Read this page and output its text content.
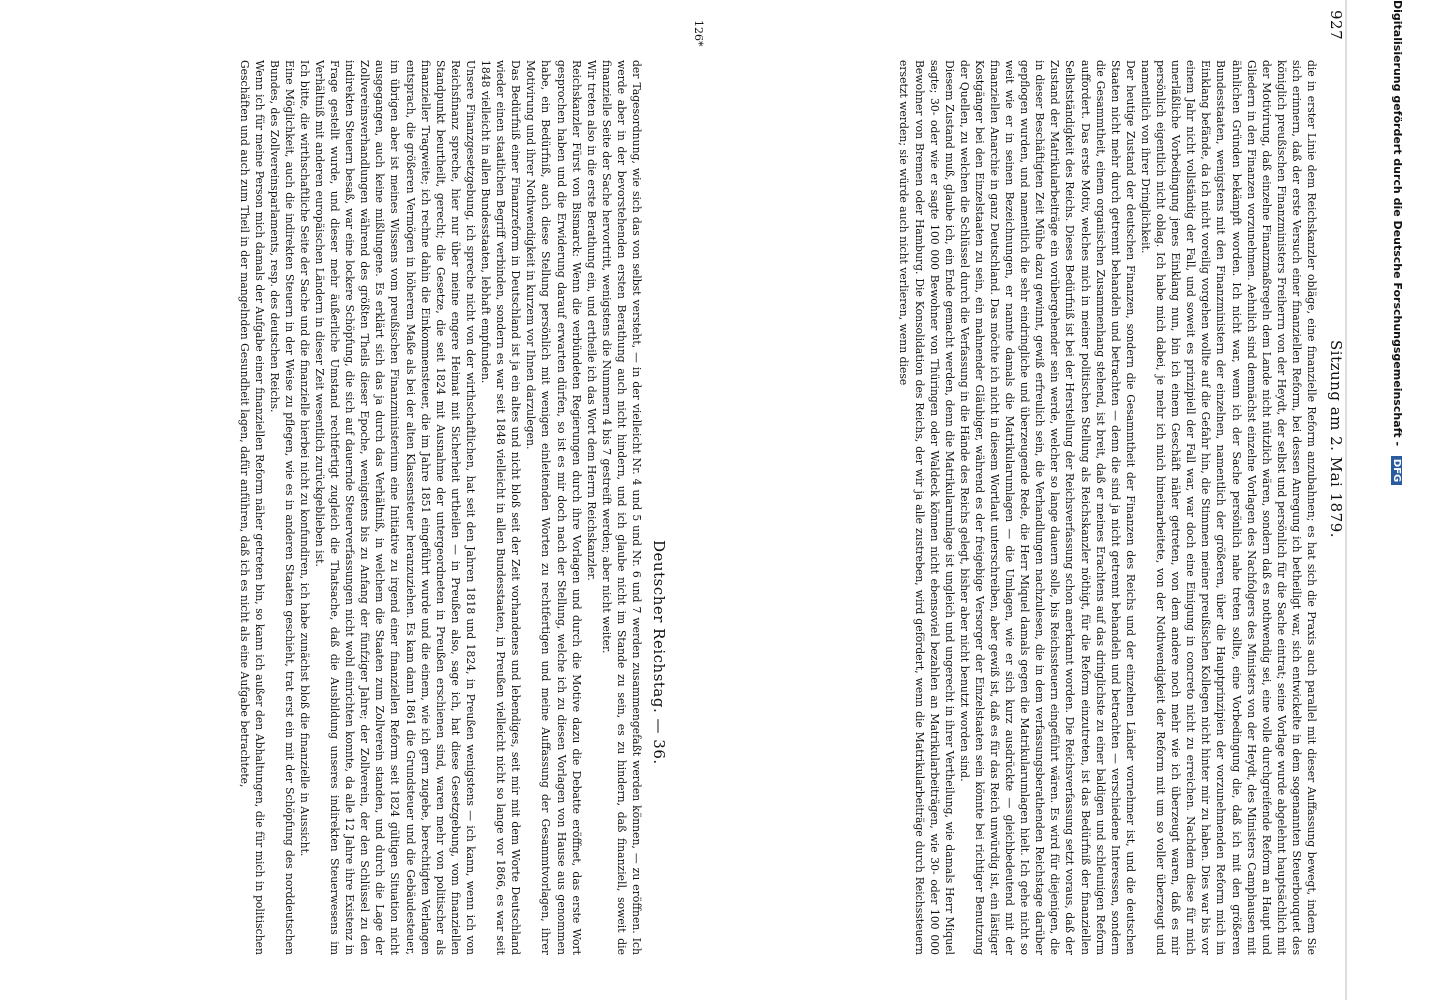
Deutscher Reichstag. — 36.

der Tagesordnung, wie sich das von selbst versteht, — in der vielleicht Nr. 4 und 5 und Nr. 6 und 7 werden zusammengefaßt werden können, — zu eröffnen. Ich werde aber in der bevorstehenden ersten Berathung auch nicht hindern, und ich glaube nicht im Stande zu sein, es zu hindern, daß finanziell, soweit die finanzielle Seite der Sache hervortritt, wenigstens die Nummern 4 bis 7 gestreift werden; aber nicht weiter.

Wir treten also in die erste Berathung ein, und ertheile ich das Wort dem Herrn Reichskanzler.

Reichskanzler Fürst von Bismarck: Wenn die verbündeten Regierungen durch ihre Vorlagen und durch die Motive dazu die Debatte eröffnet, das erste Wort gesprochen haben und die Erwiderung darauf erwarten dürfen, so ist es mir doch nach der Stellung, welche ich zu diesen Vorlagen von Hause aus genommen habe, ein Bedürfniß, auch diese Stellung persönlich mit wenigen einleitenden Worten zu rechtfertigen und meine Auffassung der Gesammtvorlagen, ihrer Motivirung und ihrer Nothwendigkeit in kurzem vor Ihnen darzulegen.

Das Bedürfniß einer Finanzreform in Deutschland ist ja ein altes und nicht bloß seit der Zeit vorhandenes und lebendiges, seit mir mit dem Worte Deutschland wieder einen staatlichen Begriff verbinden, sondern es war seit 1848 vielleicht in allen Bundesstaaten, in Preußen vielleicht nicht so lange vor 1866, es war seit 1848 vielleicht in allen Bundesstaaten, lebhaft empfunden.

Unsere Finanzgesetzgebung, ich spreche nicht von der wirthschaftlichen, hat seit den Jahren 1818 und 1824, in Preußen wenigstens — ich kann, wenn ich von Reichsfinanz spreche, hier nur über meine engere Heimat mit Sicherheit urtheilen — in Preußen also, sage ich, hat diese Gesetzgebung, vom finanziellen Standpunkt beurtheilt, gerecht; die Gesetze, die seit 1824 mit Ausnahme der untergeordneten in Preußen erschienen sind, waren mehr von politischer als finanzieller Tragweite; ich rechne dahin die Einkommensteuer, die im Jahre 1851 eingeführt wurde und die einem, wie ich gern zugebe, berechtigten Verlangen entsprach, die größeren Vermögen in höherem Maße als bei der alten Klassensteuer heranzuziehen. Es kam dann 1861 die Grundsteuer und die Gebäudesteuer, im übrigen aber ist meines Wissens vom preußischen Finanzministerium eine Initiative zu irgend einer finanziellen Reform seit 1824 gültigen Situation nicht ausgegangen, auch keine mißlungene. Es erklärt sich das ja durch das Verhältniß, in welchem die Staaten zum Zollverein standen, und durch die Lage der Zollvereinsverhandlungen während des größten Theils dieser Epoche, wenigstens bis zu Anfang der fünfziger Jahre; der Zollverein, der den Schlüssel zu den indirekten Steuern besaß, war eine lockere Schöpfung, die sich auf dauernde Steuerverfassungen nicht wohl einrichten konnte, da alle 12 Jahre ihre Existenz in Frage gestellt wurde, und dieser mehr äußerliche Umstand rechtfertigt zugleich die Thatsache, daß die Ausbildung unseres indirekten Steuerwesens im Verhältniß mit anderen europäischen Ländern in dieser Zeit wesentlich zurückgeblieben ist.

Ich bitte, die wirthschaftliche Seite der Sache und die finanzielle hierbei nicht zu konfundiren, ich habe zunächst bloß die finanzielle in Aussicht.

Eine Möglichkeit, auch die indirekten Steuern in der Weise zu pflegen, wie es in anderen Staaten geschieht, trat erst ein mit der Schöpfung des norddeutschen Bundes, des Zollvereinsparlaments, resp. des deutschen Reichs.

Wenn ich für meine Person mich damals der Aufgabe einer finanziellen Reform näher getreten bin, so kann ich außer den Abhaltungen, die für mich in politischen Geschäften und auch zum Theil in der mangelnden Gesundheit lagen, dafür anführen, daß ich es nicht als eine Aufgabe betrachtete,	Sitzung am 2. Mai 1879.
927

die in erster Linie dem Reichskanzler obläge, eine finanzielle Reform anzubahnen; es hat sich die Praxis auch parallel mit dieser Auffassung bewegt, indem Sie sich erinnern, daß der erste Versuch einer finanziellen Reform, bei dessen Anregung ich betheiligt war, sich entwickelte in dem sogenannten Steuerbouquet des königlich preußischen Finanzministers Freiherrn von der Heydt, der selbst und persönlich für die Sache eintrat; seine Vorlage wurde abgelehnt hauptsächlich mit der Motivirung, daß einzelne Finanzmaßregeln dem Lande nicht nützlich wären, sondern daß es nothwendig sei, eine volle durchgreifende Reform an Haupt und Gliedern in den Finanzen vorzunehmen. Aehnlich sind demnächst einzelne Vorlagen des Nachfolgers des Ministers von der Heydt, des Ministers Camphausen mit ähnlichen Gründen bekämpft worden. Ich nicht war, wenn ich der Sache persönlich nahe treten sollte, eine Vorbedingung die, daß ich mit den größeren Bundesstaaten, wenigstens mit den Finanzministern der einzelnen, namentlich der größeren, über die Hauptprinzipien der vorzunehmenden Reform mich im Einklang befände, da ich nicht voreilig vorgehen wollte auf die Gefahr hin, die Stimmen meiner preußischen Kollegen nicht hinter mir zu haben. Dies war bis vor einem Jahr nicht vollständig der Fall, und soweit es prinzipiell der Fall war, war doch eine Einigung in concreto nicht zu erreichen. Nachdem diese für mich unerläßliche Vorbedingung jenes Einklang nun, bin ich einem Geschäft näher getreten, von dem andere noch mehr wie ich überzeugt waren, daß es mir persönlich eigentlich nicht oblag. Ich habe mich dabei, je mehr ich mich hineinarbeitete, von der Nothwendigkeit der Reform mit um so voller überzeugt und namentlich von ihrer Dringlichkeit.

Der heutige Zustand der deutschen Finanzen, sondern die Gesammtheit der Finanzen des Reichs und der einzelnen Länder vornehmer ist, und die deutschen Staaten nicht mehr durch getrennt behandeln und betrachten — denn die sind ja nicht getrennt behandeln und betrachten — verschiedene Interessen, sondern die Gesammtheit, einem organischen Zusammenhang stehend, ist breit, daß er meines Erachtens auf das dringlichste zu einer baldigen und schleunigen Reform auffordert. Das erste Motiv, welches mich in meiner politischen Stellung als Reichskanzler nöthigt, für die Reform einzutreten, ist das Bedürfniß der finanziellen Selbstständigkeit des Reichs. Dieses Bedürfniß ist bei der Herstellung der Reichsverfassung schon anerkannt worden. Die Reichsverfassung setzt voraus, daß der Zustand der Matrikularbeiträge ein vorübergehender sein werde, welcher so lange dauern solle, bis Reichssteuern eingeführt wären. Es wird für diejenigen, die in dieser Beschäftigten Zeit Mühe dazu gewinnt, gewiß erfreulich sein, die Verhandlungen nachzulesen, die in dem verfassungsberathenden Reichstage darüber gepflogen wurden, und namentlich die sehr eindringliche und überzeugende Rede, die Herr Miquel damals gegen die Matrikularumlagen hielt. Ich gehe nicht so weit wie er in seinen Bezeichnungen, er nannte damals die Matrikularumlagen — die Umlagen, wie er sich kurz ausdrückte — gleichbedeutend mit der finanziellen Anarchie in ganz Deutschland. Das möchte ich nicht in diesem Wortlaut unterschreiben, aber gewiß ist, daß es für das Reich unwürdig ist, ein lästiger Kostgänger bei den Einzelstaaten zu sein, ein mahnender Gläubiger, während es der freigebige Versorger der Einzelstaaten sein könnte bei richtiger Benutzung der Quellen, zu welchen die Schlüssel durch die Verfassung in die Hände des Reichs gelegt, bisher aber nicht benutzt worden sind.

Diesem Zustand muß, glaube ich, ein Ende gemacht werden, denn die Matrikularumlage ist ungleich und ungerecht in ihrer Vertheilung, wie damals Herr Miquel sagte; 30- oder wie er sagte 100 000 Bewohner von Thüringen oder Waldeck können nicht ebensoviel bezahlen an Matrikularbeiträgen, wie 30- oder 100 000 Bewohner von Bremen oder Hamburg. Die Konsolidation des Reichs, der wir ja alle zustreben, wird gefördert, wenn die Matrikularbeiträge durch Reichssteuern ersetzt werden; sie würde auch nicht verlieren, wenn diese

126*	Digitalisierung gefördert durch die Deutsche Forschungsgemeinschaft - DFG
